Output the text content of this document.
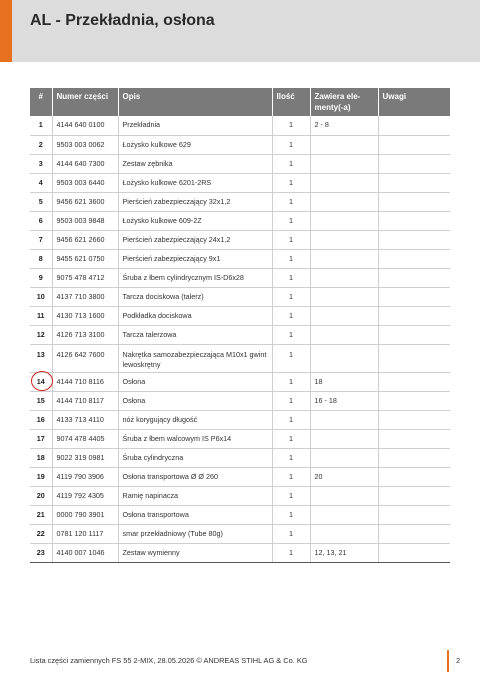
AL - Przekładnia, osłona
#	Numer części	Opis	Ilość	Zawiera ele- menty(-a)	Uwagi
1	4144 640 0100	Przekładnia	1	2 - 8	
2	9503 003 0062	Łożysko kulkowe 629	1		
3	4144 640 7300	Zestaw zębnika	1		
4	9503 003 6440	Łożysko kulkowe 6201-2RS	1		
5	9456 621 3600	Pierścień zabezpieczający 32x1,2	1		
6	9503 003 9848	Łożysko kulkowe 609-2Z	1		
7	9456 621 2660	Pierścień zabezpieczający 24x1,2	1		
8	9455 621 0750	Pierścień zabezpieczający 9x1	1		
9	9075 478 4712	Śruba z łbem cylindrycznym IS-D6x28	1		
10	4137 710 3800	Tarcza dociskowa (talerz)	1		
11	4130 713 1600	Podkładka dociskowa	1		
12	4126 713 3100	Tarcza talerzowa	1		
13	4126 642 7600	Nakrętka samozabezpieczająca M10x1 gwint lewoskrętny	1		
14	4144 710 8116	Osłona	1	18	
15	4144 710 8117	Osłona	1	16 - 18	
16	4133 713 4110	nóż korygujący długość	1		
17	9074 478 4405	Śruba z łbem walcowym IS P6x14	1		
18	9022 319 0981	Śruba cylindryczna	1		
19	4119 790 3906	Osłona transportowa Ø Ø 260	1	20	
20	4119 792 4305	Ramię napinacza	1		
21	0000 790 3901	Osłona transportowa	1		
22	0781 120 1117	smar przekładniowy (Tube 80g)	1		
23	4140 007 1046	Zestaw wymienny	1	12, 13, 21	
Lista części zamiennych FS 55 2-MIX, 28.05.2026 © ANDREAS STIHL AG & Co. KG	2
